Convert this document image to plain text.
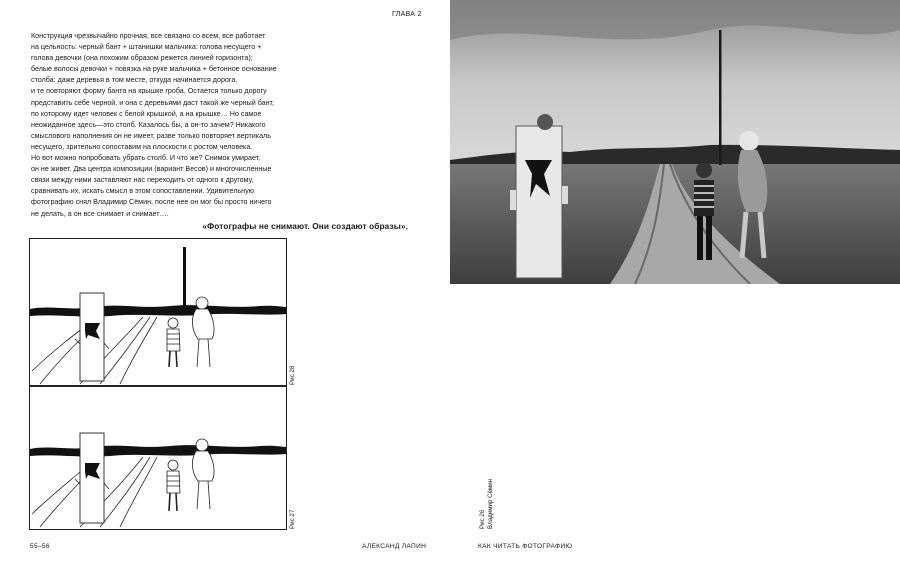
ГЛАВА 2

Конструкция чрезвычайно прочная, все связано со всем, все работает

на цельность: черный бант + штанишки мальчика: голова несущего +

голова девочки (она похожим образом режется линией горизонта);

белые волосы девочки + повязка на руке мальчика + бетонное основание

столба: даже деревья в том месте, откуда начинается дорога,

и те повторяют форму банта на крышке гроба. Остается только дорогу

представить себе черной, и она с деревьями даст такой же черный бант,

по которому идет человек с белой крышкой, а на крышке… Но самое

неожиданное здесь—это столб. Казалось бы, а он-то зачем? Никакого

смыслового наполнения он не имеет, разве только повторяет вертикаль

несущего, зрительно сопоставим на плоскости с ростом человека.

Но вот можно попробовать убрать столб. И что же? Снимок умирает,

он не живет. Два центра композиции (вариант Весов) и многочисленные

связи между ними заставляют нас переходить от одного к другому,

сравнивать их, искать смысл в этом сопоставлении. Удивительную

фотографию снял Владимир Сёмин, после нее он мог бы просто ничего

не делать, а он все снимает и снимает….

«Фотографы не снимают. Они создают образы».
Рис 28
Рис 27	Рис 26 Владимир Сёмин
55–56	АЛЕКСАНД ЛАПИН	КАК ЧИТАТЬ ФОТОГРАФИЮ
